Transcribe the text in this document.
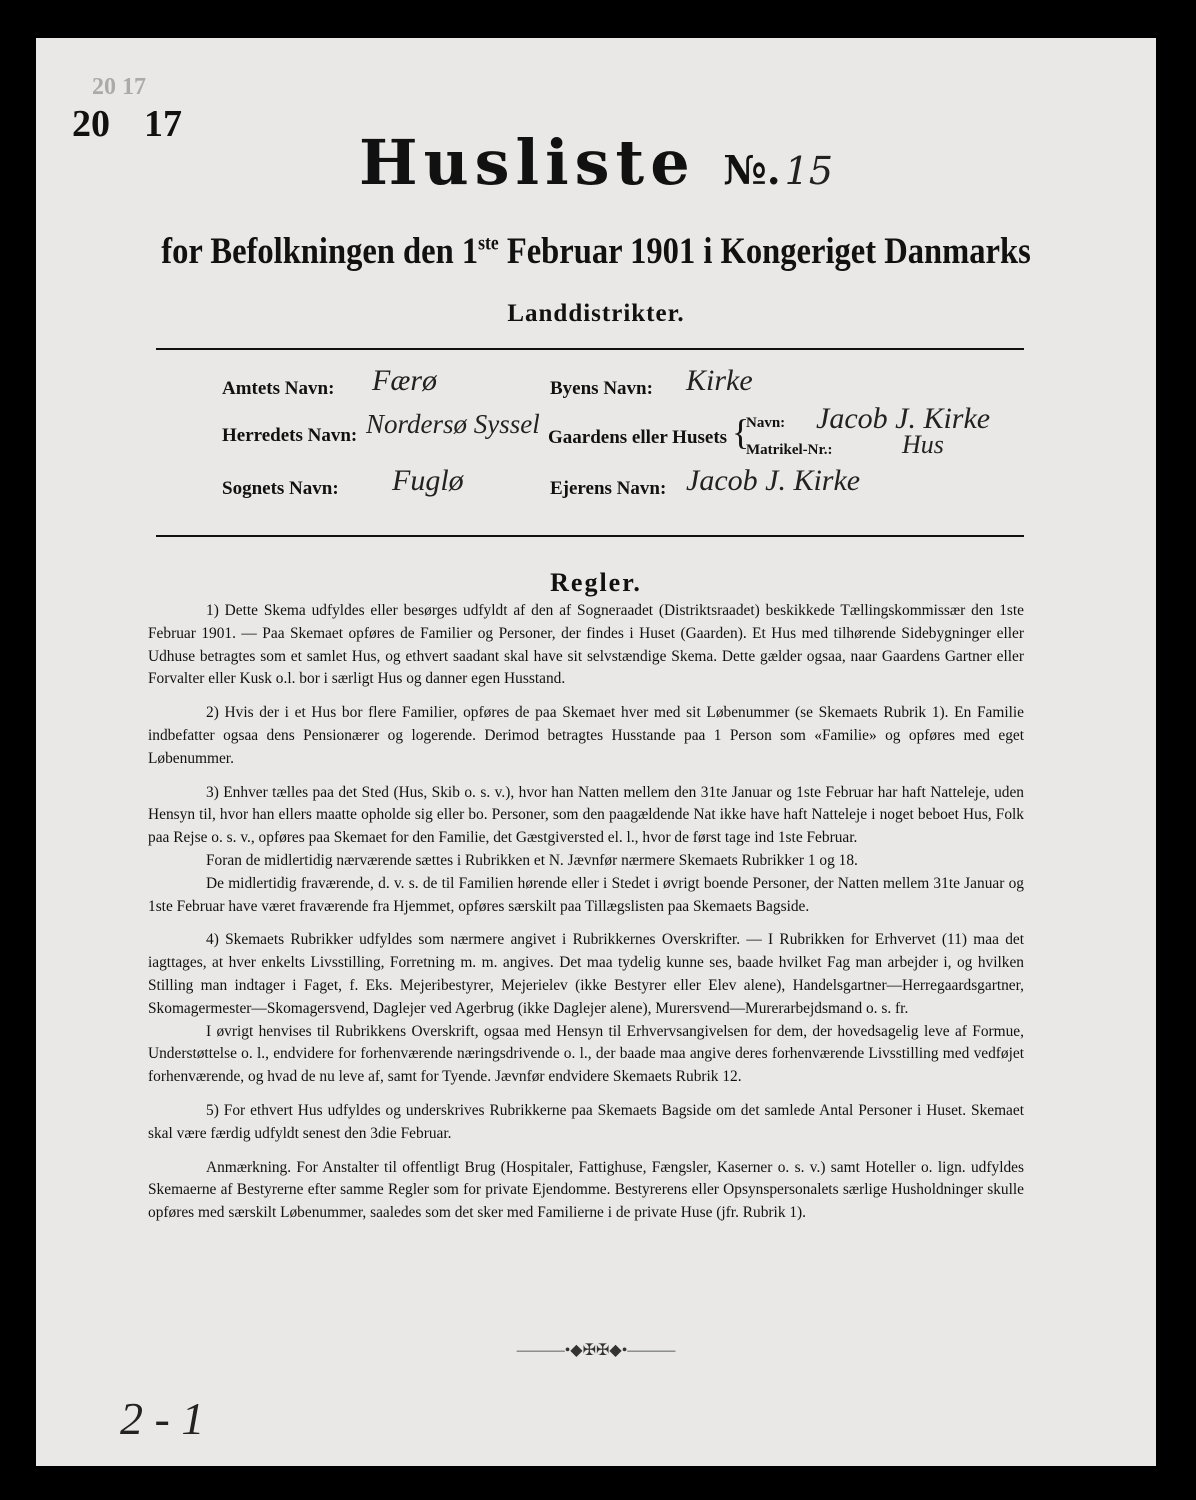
20 17
20 17
Husliste №. 15
for Befolkningen den 1ste Februar 1901 i Kongeriget Danmarks
Landdistrikter.
Amtets Navn: Færø	Byens Navn: Kirke
Herredets Navn: Nordersø Syssel Gaardens eller Husets {
Navn: Jacob J. Kirke
Matrikel-Nr.:	Hus
Sognets Navn: Fuglø	Ejerens Navn: Jacob J. Kirke
Regler.

1) Dette Skema udfyldes eller besørges udfyldt af den af Sogneraadet (Distriktsraadet) beskikkede Tællingskommissær den 1ste Februar 1901. — Paa Skemaet opføres de Familier og Personer, der findes i Huset (Gaarden). Et Hus med tilhørende Sidebygninger eller Udhuse betragtes som et samlet Hus, og ethvert saadant skal have sit selvstændige Skema. Dette gælder ogsaa, naar Gaardens Gartner eller Forvalter eller Kusk o.l. bor i særligt Hus og danner egen Husstand.

2) Hvis der i et Hus bor flere Familier, opføres de paa Skemaet hver med sit Løbenummer (se Skemaets Rubrik 1). En Familie indbefatter ogsaa dens Pensionærer og logerende. Derimod betragtes Husstande paa 1 Person som «Familie» og opføres med eget Løbenummer.

3) Enhver tælles paa det Sted (Hus, Skib o. s. v.), hvor han Natten mellem den 31te Januar og 1ste Februar har haft Natteleje, uden Hensyn til, hvor han ellers maatte opholde sig eller bo. Personer, som den paagældende Nat ikke have haft Natteleje i noget beboet Hus, Folk paa Rejse o. s. v., opføres paa Skemaet for den Familie, det Gæstgiversted el. l., hvor de først tage ind 1ste Februar.

Foran de midlertidig nærværende sættes i Rubrikken et N. Jævnfør nærmere Skemaets Rubrikker 1 og 18.

De midlertidig fraværende, d. v. s. de til Familien hørende eller i Stedet i øvrigt boende Personer, der Natten mellem 31te Januar og 1ste Februar have været fraværende fra Hjemmet, opføres særskilt paa Tillægslisten paa Skemaets Bagside.

4) Skemaets Rubrikker udfyldes som nærmere angivet i Rubrikkernes Overskrifter. — I Rubrikken for Erhvervet (11) maa det iagttages, at hver enkelts Livsstilling, Forretning m. m. angives. Det maa tydelig kunne ses, baade hvilket Fag man arbejder i, og hvilken Stilling man indtager i Faget, f. Eks. Mejeribestyrer, Mejerielev (ikke Bestyrer eller Elev alene), Handelsgartner—Herregaardsgartner, Skomagermester—Skomagersvend, Daglejer ved Agerbrug (ikke Daglejer alene), Murersvend—Murerarbejdsmand o. s. fr.

I øvrigt henvises til Rubrikkens Overskrift, ogsaa med Hensyn til Erhvervsangivelsen for dem, der hovedsagelig leve af Formue, Understøttelse o. l., endvidere for forhenværende næringsdrivende o. l., der baade maa angive deres forhenværende Livsstilling med vedføjet forhenværende, og hvad de nu leve af, samt for Tyende. Jævnfør endvidere Skemaets Rubrik 12.

5) For ethvert Hus udfyldes og underskrives Rubrikkerne paa Skemaets Bagside om det samlede Antal Personer i Huset. Skemaet skal være færdig udfyldt senest den 3die Februar.

Anmærkning. For Anstalter til offentligt Brug (Hospitaler, Fattighuse, Fængsler, Kaserner o. s. v.) samt Hoteller o. lign. udfyldes Skemaerne af Bestyrerne efter samme Regler som for private Ejendomme. Bestyrerens eller Opsynspersonalets særlige Husholdninger skulle opføres med særskilt Løbenummer, saaledes som det sker med Familierne i de private Huse (jfr. Rubrik 1).

———•◆✠✠◆•———
2 - 1
